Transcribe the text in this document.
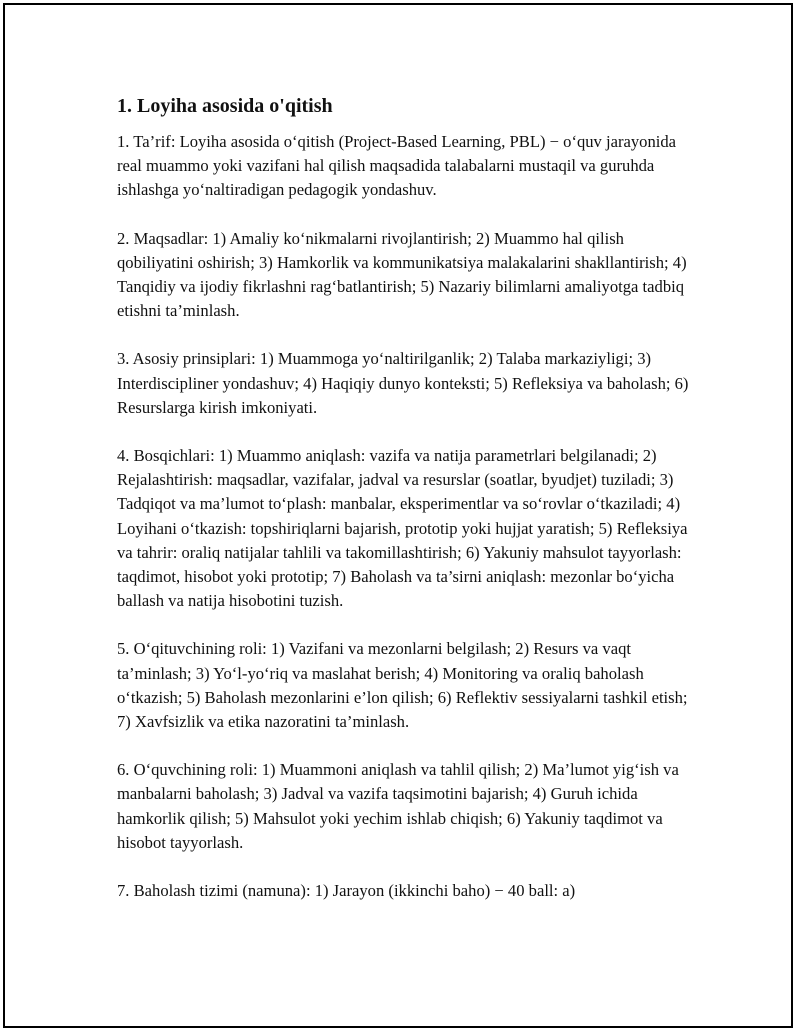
1. Loyiha asosida o'qitish

1. Ta’rif: Loyiha asosida o‘qitish (Project-Based Learning, PBL) − o‘quv jarayonida real muammo yoki vazifani hal qilish maqsadida talabalarni mustaqil va guruhda ishlashga yo‘naltiradigan pedagogik yondashuv.

2. Maqsadlar: 1) Amaliy ko‘nikmalarni rivojlantirish; 2) Muammo hal qilish qobiliyatini oshirish; 3) Hamkorlik va kommunikatsiya malakalarini shakllantirish; 4) Tanqidiy va ijodiy fikrlashni rag‘batlantirish; 5) Nazariy bilimlarni amaliyotga tadbiq etishni ta’minlash.

3. Asosiy prinsiplari: 1) Muammoga yo‘naltirilganlik; 2) Talaba markaziyligi; 3) Interdiscipliner yondashuv; 4) Haqiqiy dunyo konteksti; 5) Refleksiya va baholash; 6) Resurslarga kirish imkoniyati.

4. Bosqichlari: 1) Muammo aniqlash: vazifa va natija parametrlari belgilanadi; 2) Rejalashtirish: maqsadlar, vazifalar, jadval va resurslar (soatlar, byudjet) tuziladi; 3) Tadqiqot va ma’lumot to‘plash: manbalar, eksperimentlar va so‘rovlar o‘tkaziladi; 4) Loyihani o‘tkazish: topshiriqlarni bajarish, prototip yoki hujjat yaratish; 5) Refleksiya va tahrir: oraliq natijalar tahlili va takomillashtirish; 6) Yakuniy mahsulot tayyorlash: taqdimot, hisobot yoki prototip; 7) Baholash va ta’sirni aniqlash: mezonlar bo‘yicha ballash va natija hisobotini tuzish.

5. O‘qituvchining roli: 1) Vazifani va mezonlarni belgilash; 2) Resurs va vaqt ta’minlash; 3) Yo‘l-yo‘riq va maslahat berish; 4) Monitoring va oraliq baholash o‘tkazish; 5) Baholash mezonlarini e’lon qilish; 6) Reflektiv sessiyalarni tashkil etish; 7) Xavfsizlik va etika nazoratini ta’minlash.

6. O‘quvchining roli: 1) Muammoni aniqlash va tahlil qilish; 2) Ma’lumot yig‘ish va manbalarni baholash; 3) Jadval va vazifa taqsimotini bajarish; 4) Guruh ichida hamkorlik qilish; 5) Mahsulot yoki yechim ishlab chiqish; 6) Yakuniy taqdimot va hisobot tayyorlash.

7. Baholash tizimi (namuna): 1) Jarayon (ikkinchi baho) − 40 ball: a)
